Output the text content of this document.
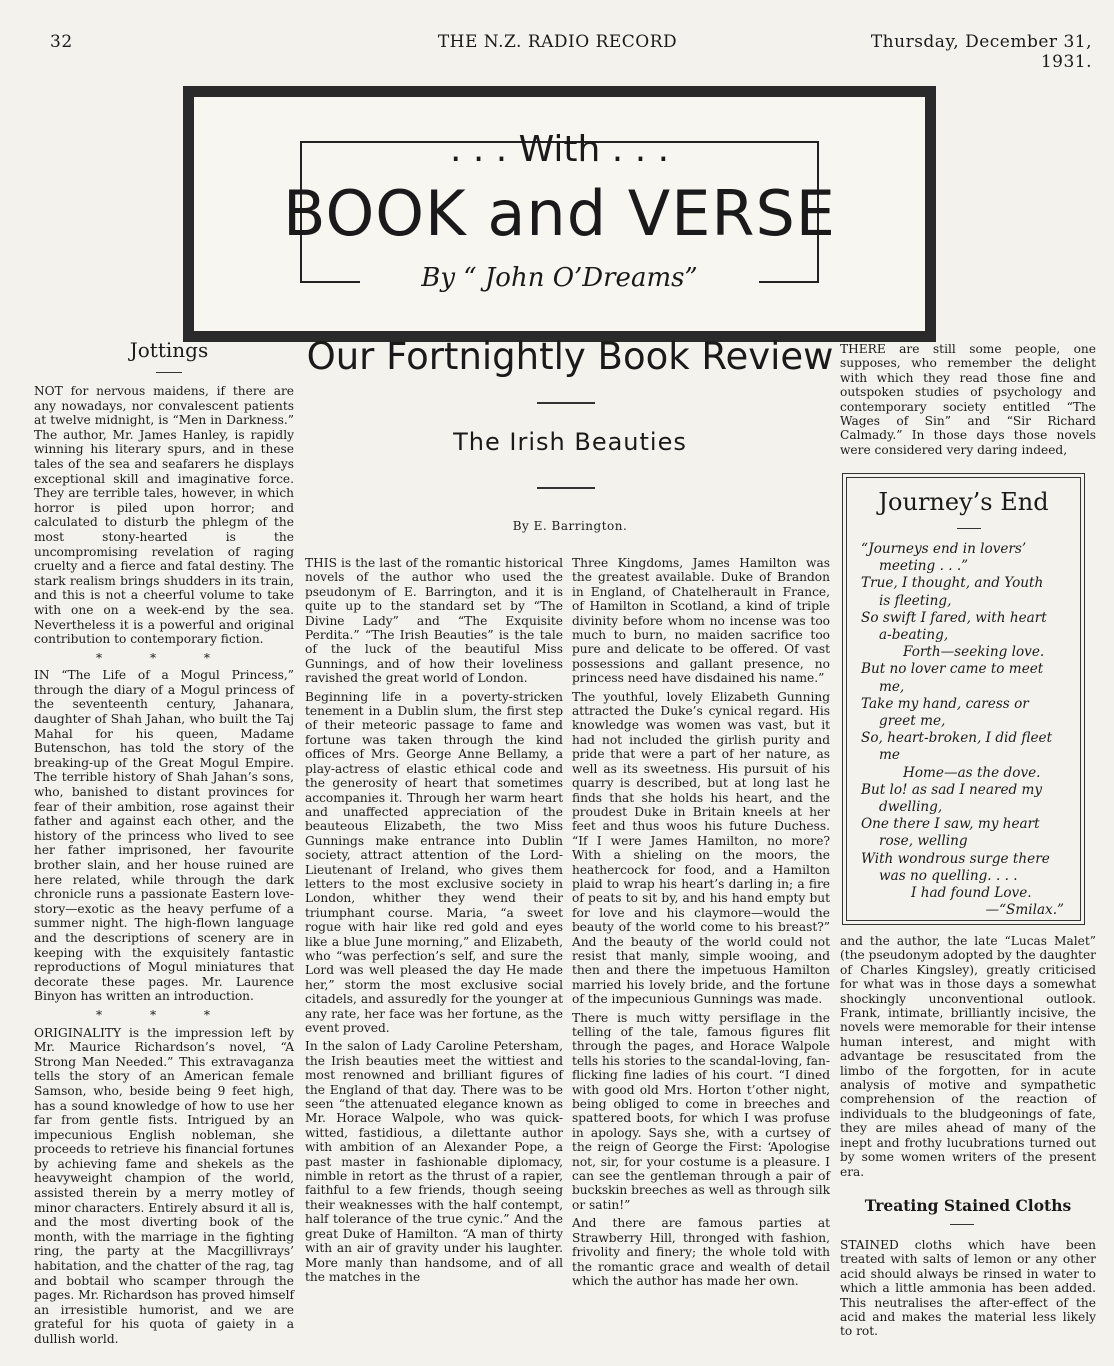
32	THE N.Z. RADIO RECORD	Thursday, December 31, 1931.
. . . With . . .
BOOK and VERSE
By “ John O’Dreams”
Jottings

NOT for nervous maidens, if there are any nowadays, nor convalescent patients at twelve midnight, is “Men in Darkness.” The author, Mr. James Hanley, is rapidly winning his literary spurs, and in these tales of the sea and seafarers he displays exceptional skill and imaginative force. They are terrible tales, however, in which horror is piled upon horror; and calculated to disturb the phlegm of the most stony-hearted is the uncompromising revelation of raging cruelty and a fierce and fatal destiny. The stark realism brings shudders in its train, and this is not a cheerful volume to take with one on a week-end by the sea. Nevertheless it is a powerful and original contribution to contemporary fiction.

* * *

IN “The Life of a Mogul Princess,” through the diary of a Mogul princess of the seventeenth century, Jahanara, daughter of Shah Jahan, who built the Taj Mahal for his queen, Madame Butenschon, has told the story of the breaking-up of the Great Mogul Empire. The terrible history of Shah Jahan’s sons, who, banished to distant provinces for fear of their ambition, rose against their father and against each other, and the history of the princess who lived to see her father imprisoned, her favourite brother slain, and her house ruined are here related, while through the dark chronicle runs a passionate Eastern love-story—exotic as the heavy perfume of a summer night. The high-flown language and the descriptions of scenery are in keeping with the exquisitely fantastic reproductions of Mogul miniatures that decorate these pages. Mr. Laurence Binyon has written an introduction.

* * *

ORIGINALITY is the impression left by Mr. Maurice Richardson’s novel, “A Strong Man Needed.” This extravaganza tells the story of an American female Samson, who, beside being 9 feet high, has a sound knowledge of how to use her far from gentle fists. Intrigued by an impecunious English nobleman, she proceeds to retrieve his financial fortunes by achieving fame and shekels as the heavyweight champion of the world, assisted therein by a merry motley of minor characters. Entirely absurd it all is, and the most diverting book of the month, with the marriage in the fighting ring, the party at the Macgillivrays’ habitation, and the chatter of the rag, tag and bobtail who scamper through the pages. Mr. Richardson has proved himself an irresistible humorist, and we are grateful for his quota of gaiety in a dullish world.

Our Fortnightly Book Review
The Irish Beauties
By E. Barrington.

THIS is the last of the romantic historical novels of the author who used the pseudonym of E. Barrington, and it is quite up to the standard set by “The Divine Lady” and “The Exquisite Perdita.” “The Irish Beauties” is the tale of the luck of the beautiful Miss Gunnings, and of how their loveliness ravished the great world of London.

Beginning life in a poverty-stricken tenement in a Dublin slum, the first step of their meteoric passage to fame and fortune was taken through the kind offices of Mrs. George Anne Bellamy, a play-actress of elastic ethical code and the generosity of heart that sometimes accompanies it. Through her warm heart and unaffected appreciation of the beauteous Elizabeth, the two Miss Gunnings make entrance into Dublin society, attract attention of the Lord-Lieutenant of Ireland, who gives them letters to the most exclusive society in London, whither they wend their triumphant course. Maria, “a sweet rogue with hair like red gold and eyes like a blue June morning,” and Elizabeth, who “was perfection’s self, and sure the Lord was well pleased the day He made her,” storm the most exclusive social citadels, and assuredly for the younger at any rate, her face was her fortune, as the event proved.

In the salon of Lady Caroline Petersham, the Irish beauties meet the wittiest and most renowned and brilliant figures of the England of that day. There was to be seen “the attenuated elegance known as Mr. Horace Walpole, who was quick-witted, fastidious, a dilettante author with ambition of an Alexander Pope, a past master in fashionable diplomacy, nimble in retort as the thrust of a rapier, faithful to a few friends, though seeing their weaknesses with the half contempt, half tolerance of the true cynic.” And the great Duke of Hamilton. “A man of thirty with an air of gravity under his laughter. More manly than handsome, and of all the matches in the

Three Kingdoms, James Hamilton was the greatest available. Duke of Brandon in England, of Chatelherault in France, of Hamilton in Scotland, a kind of triple divinity before whom no incense was too much to burn, no maiden sacrifice too pure and delicate to be offered. Of vast possessions and gallant presence, no princess need have disdained his name.”

The youthful, lovely Elizabeth Gunning attracted the Duke’s cynical regard. His knowledge was women was vast, but it had not included the girlish purity and pride that were a part of her nature, as well as its sweetness. His pursuit of his quarry is described, but at long last he finds that she holds his heart, and the proudest Duke in Britain kneels at her feet and thus woos his future Duchess. “If I were James Hamilton, no more? With a shieling on the moors, the heathercock for food, and a Hamilton plaid to wrap his heart’s darling in; a fire of peats to sit by, and his hand empty but for love and his claymore—would the beauty of the world come to his breast?” And the beauty of the world could not resist that manly, simple wooing, and then and there the impetuous Hamilton married his lovely bride, and the fortune of the impecunious Gunnings was made.

There is much witty persiflage in the telling of the tale, famous figures flit through the pages, and Horace Walpole tells his stories to the scandal-loving, fan-flicking fine ladies of his court. “I dined with good old Mrs. Horton t’other night, being obliged to come in breeches and spattered boots, for which I was profuse in apology. Says she, with a curtsey of the reign of George the First: ‘Apologise not, sir, for your costume is a pleasure. I can see the gentleman through a pair of buckskin breeches as well as through silk or satin!”

And there are famous parties at Strawberry Hill, thronged with fashion, frivolity and finery; the whole told with the romantic grace and wealth of detail which the author has made her own.

THERE are still some people, one supposes, who remember the delight with which they read those fine and outspoken studies of psychology and contemporary society entitled “The Wages of Sin” and “Sir Richard Calmady.” In those days those novels were considered very daring indeed,

Journey’s End
“Journeys end in lovers’
meeting . . .”
True, I thought, and Youth
is fleeting,
So swift I fared, with heart
a-beating,
Forth—seeking love.
But no lover came to meet
me,
Take my hand, caress or
greet me,
So, heart-broken, I did fleet
me
Home—as the dove.
But lo! as sad I neared my
dwelling,
One there I saw, my heart
rose, welling
With wondrous surge there
was no quelling. . . .
I had found Love.
—“Smilax.”

and the author, the late “Lucas Malet” (the pseudonym adopted by the daughter of Charles Kingsley), greatly criticised for what was in those days a somewhat shockingly unconventional outlook. Frank, intimate, brilliantly incisive, the novels were memorable for their intense human interest, and might with advantage be resuscitated from the limbo of the forgotten, for in acute analysis of motive and sympathetic comprehension of the reaction of individuals to the bludgeonings of fate, they are miles ahead of many of the inept and frothy lucubrations turned out by some women writers of the present era.

Treating Stained Cloths

STAINED cloths which have been treated with salts of lemon or any other acid should always be rinsed in water to which a little ammonia has been added. This neutralises the after-effect of the acid and makes the material less likely to rot.
